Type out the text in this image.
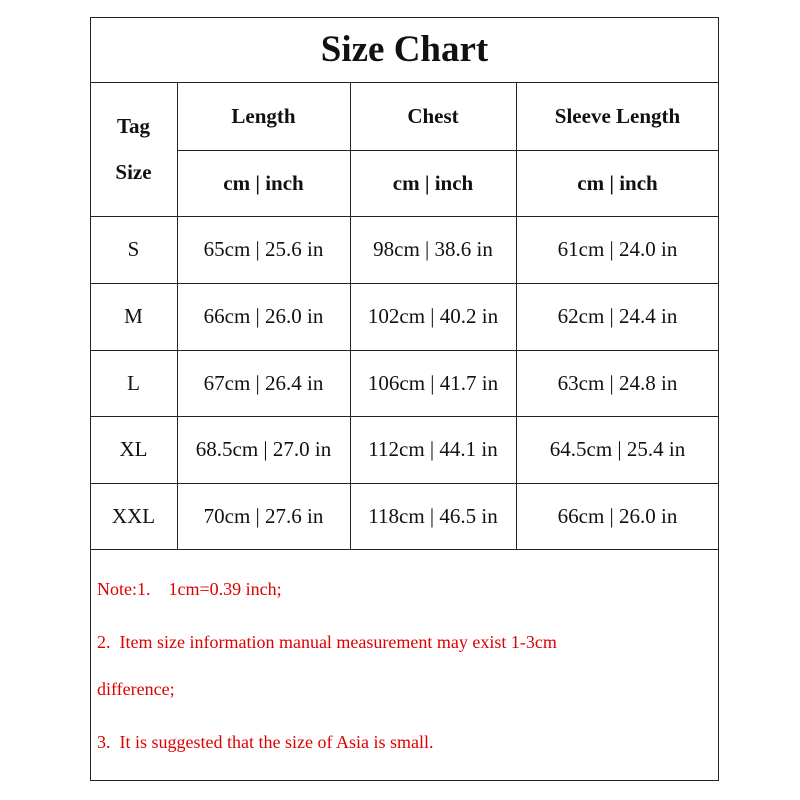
Size Chart
Tag
Size
Length	Chest	Sleeve Length
cm | inch	cm | inch	cm | inch
S	65cm | 25.6 in	98cm | 38.6 in	61cm | 24.0 in
M	66cm | 26.0 in	102cm | 40.2 in	62cm | 24.4 in
L	67cm | 26.4 in	106cm | 41.7 in	63cm | 24.8 in
XL	68.5cm | 27.0 in	112cm | 44.1 in	64.5cm | 25.4 in
XXL	70cm | 27.6 in	118cm | 46.5 in	66cm | 26.0 in
Note:1.    1cm=0.39 inch;
2.  Item size information manual measurement may exist 1-3cm
difference;
3.  It is suggested that the size of Asia is small.
